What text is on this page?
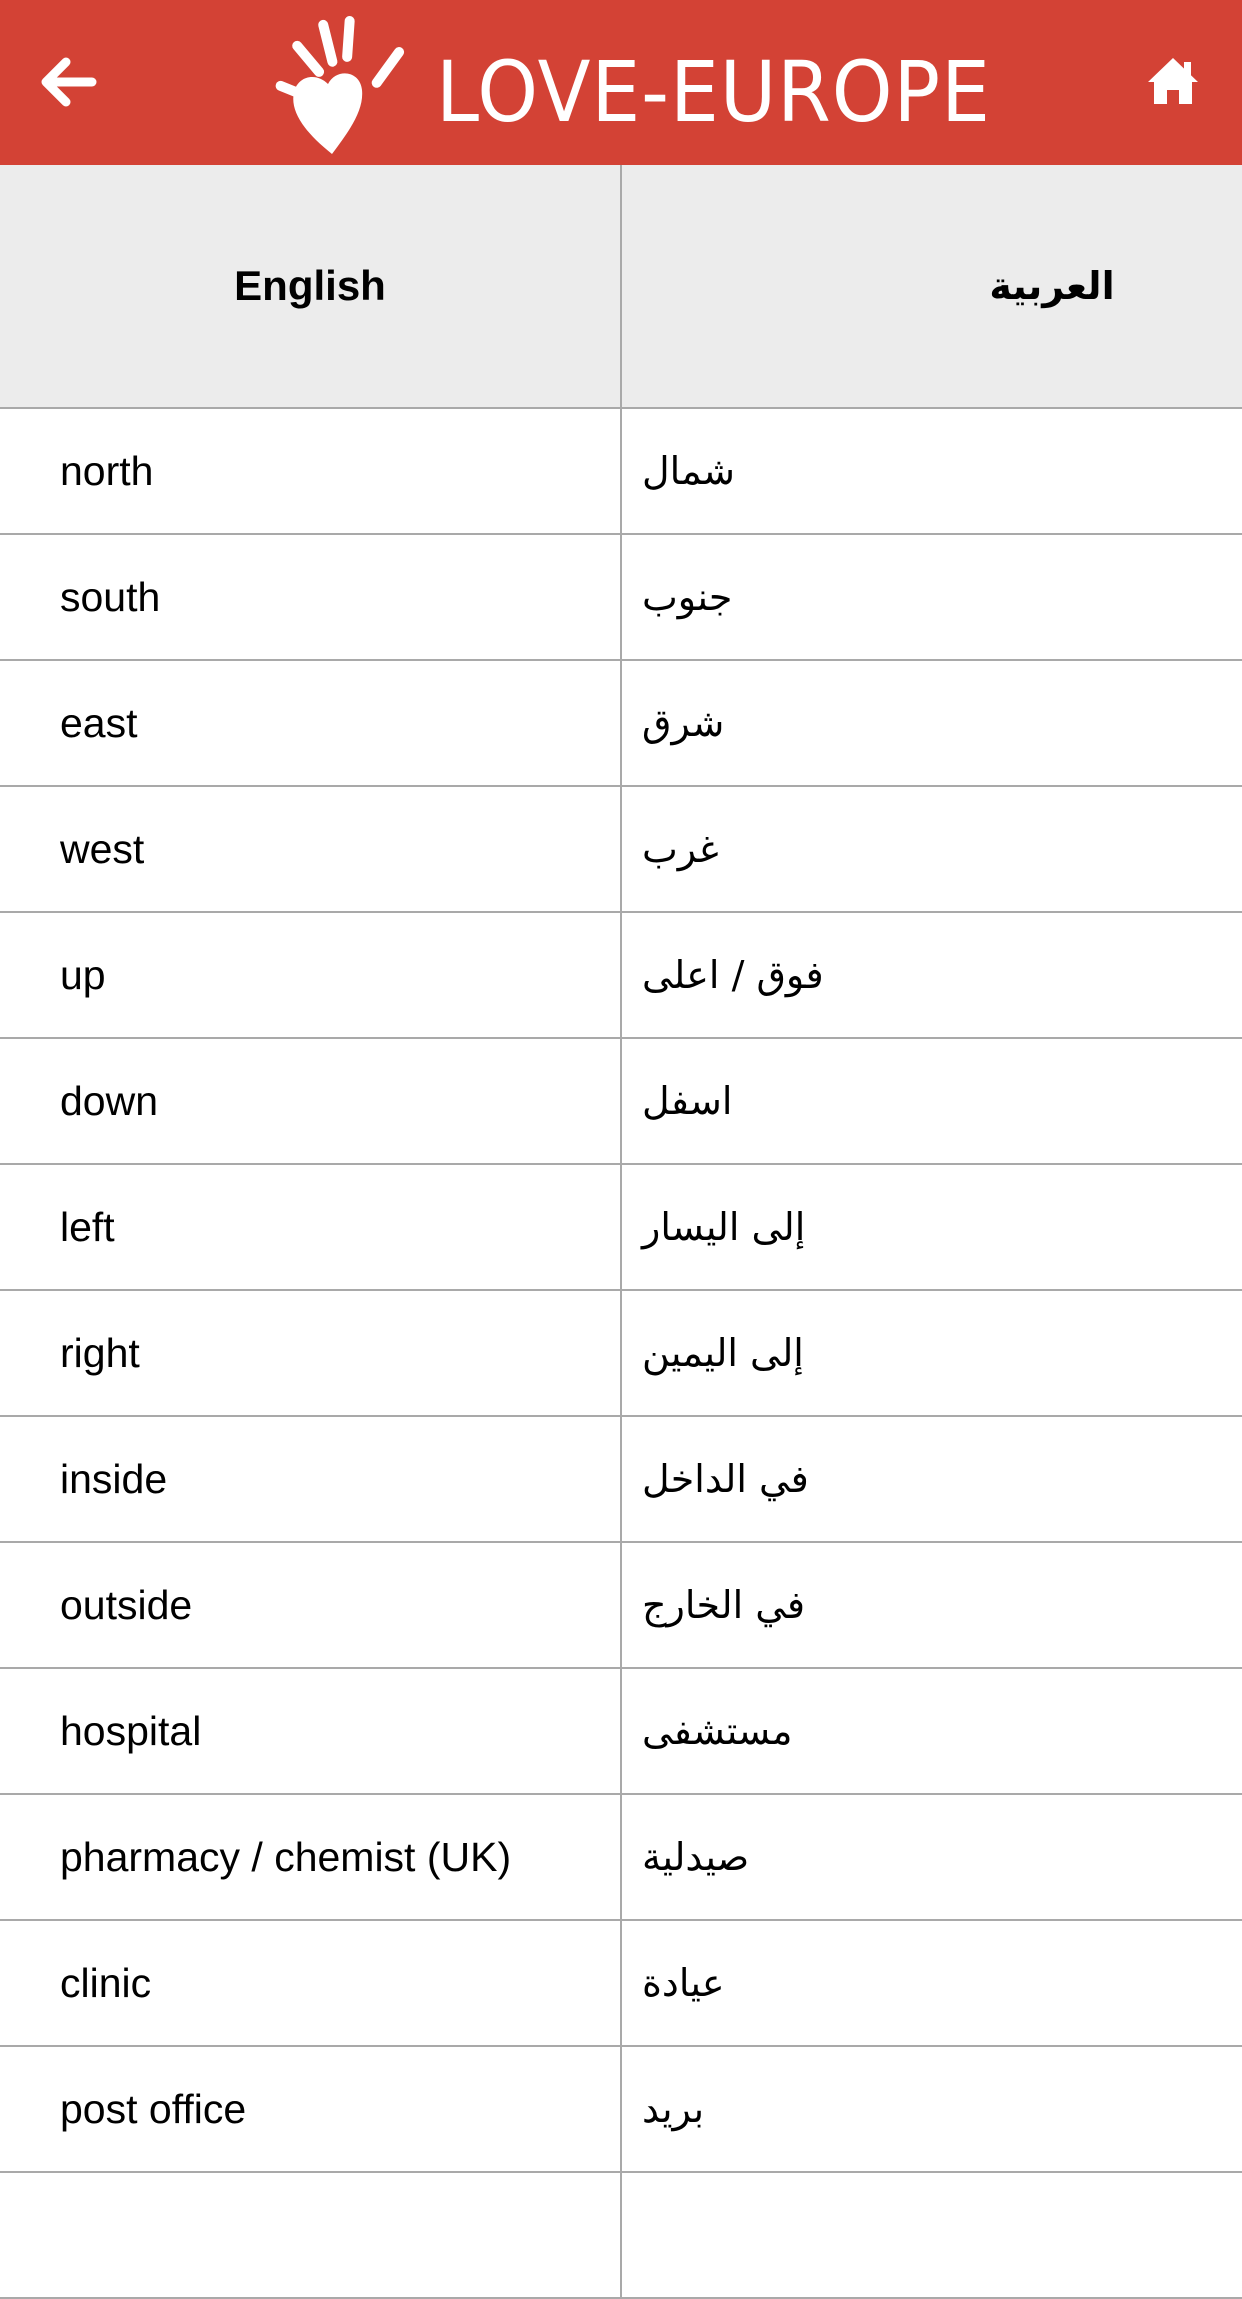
LOVE-EUROPE
English	العربية
north	شمال
south	جنوب
east	شرق
west	غرب
up	فوق / اعلى
down	اسفل
left	إلى اليسار
right	إلى اليمين
inside	في الداخل
outside	في الخارج
hospital	مستشفى
pharmacy / chemist (UK)	صيدلية
clinic	عيادة
post office	بريد
